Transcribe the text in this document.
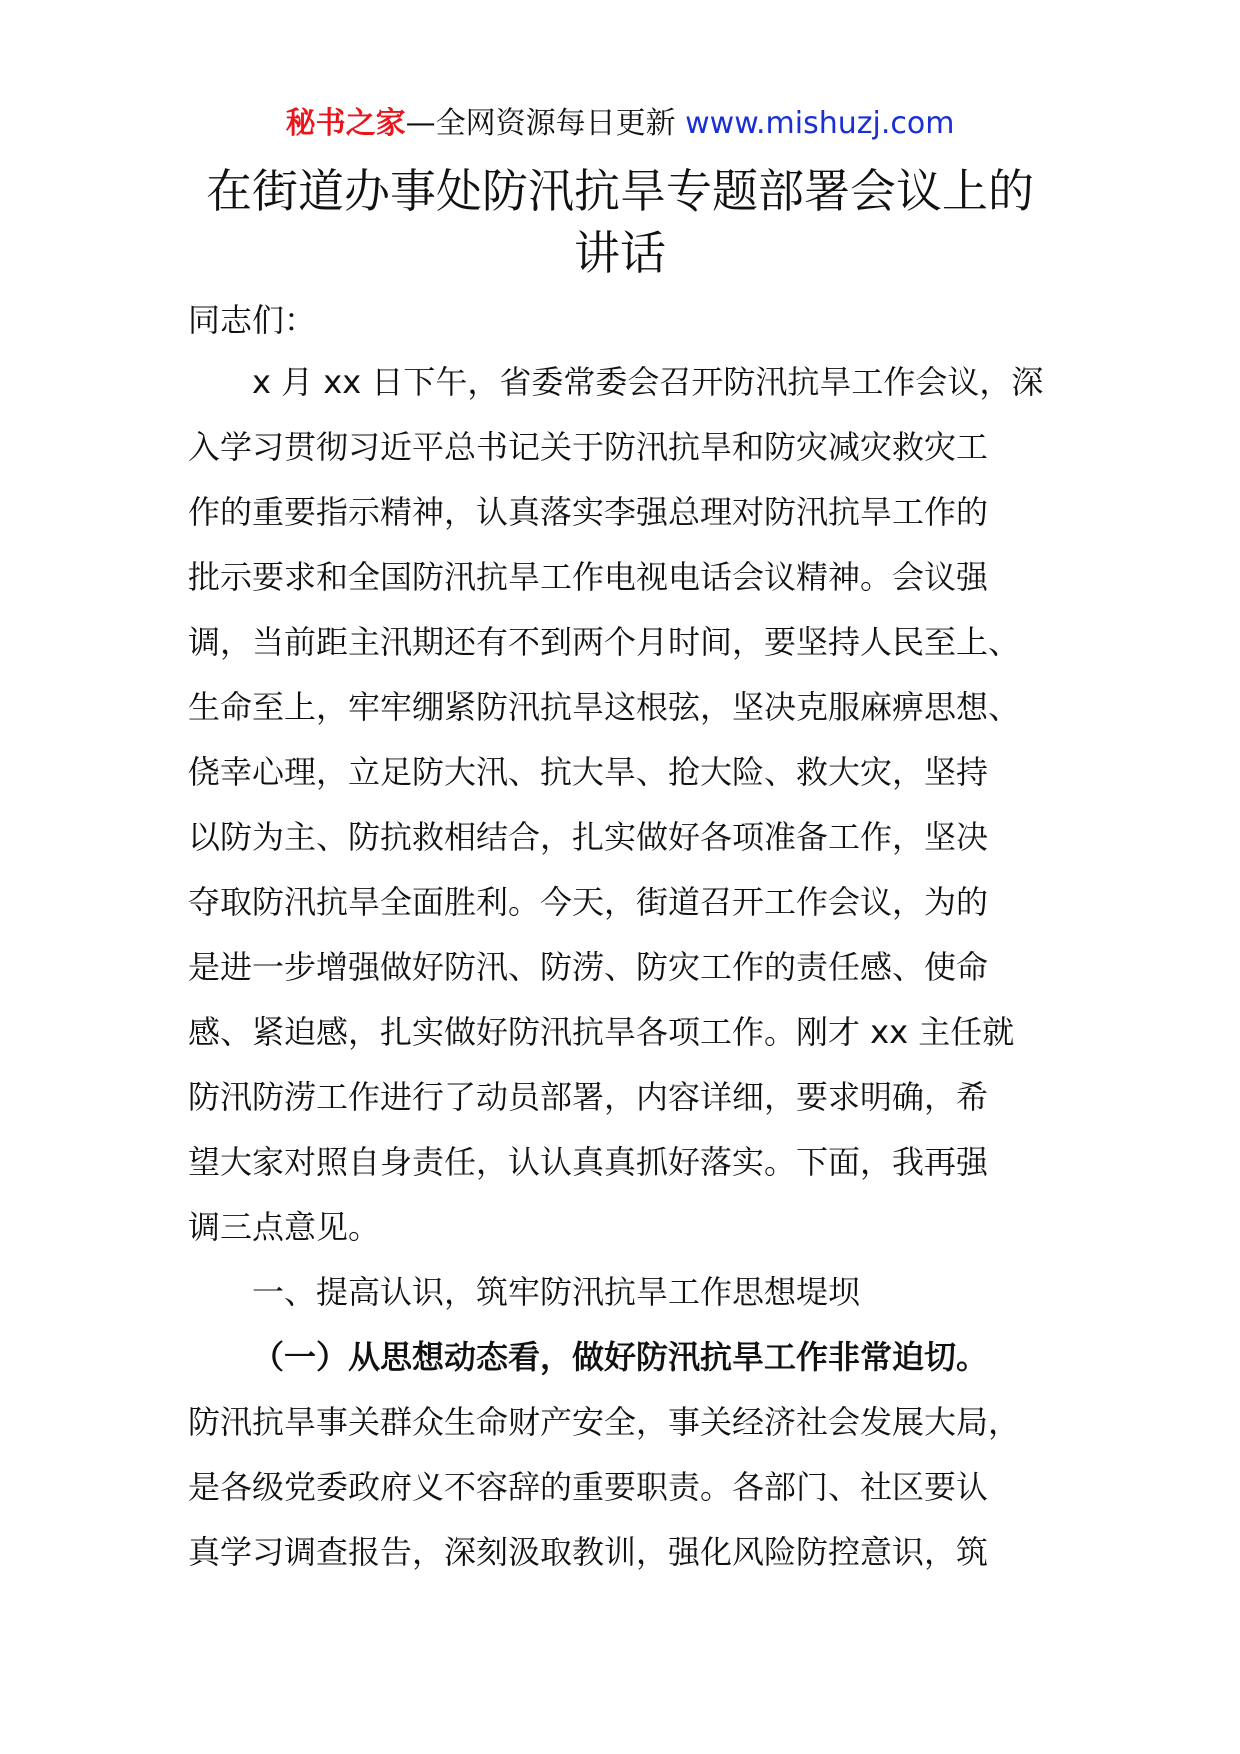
秘书之家—全网资源每日更新 www.mishuzj.com
在街道办事处防汛抗旱专题部署会议上的
讲话
同志们：
x 月 xx 日下午，省委常委会召开防汛抗旱工作会议，深
入学习贯彻习近平总书记关于防汛抗旱和防灾减灾救灾工
作的重要指示精神，认真落实李强总理对防汛抗旱工作的
批示要求和全国防汛抗旱工作电视电话会议精神。会议强
调，当前距主汛期还有不到两个月时间，要坚持人民至上、
生命至上，牢牢绷紧防汛抗旱这根弦，坚决克服麻痹思想、
侥幸心理，立足防大汛、抗大旱、抢大险、救大灾，坚持
以防为主、防抗救相结合，扎实做好各项准备工作，坚决
夺取防汛抗旱全面胜利。今天，街道召开工作会议，为的
是进一步增强做好防汛、防涝、防灾工作的责任感、使命
感、紧迫感，扎实做好防汛抗旱各项工作。刚才 xx 主任就
防汛防涝工作进行了动员部署，内容详细，要求明确，希
望大家对照自身责任，认认真真抓好落实。下面，我再强
调三点意见。
一、提高认识，筑牢防汛抗旱工作思想堤坝
（一）从思想动态看，做好防汛抗旱工作非常迫切。
防汛抗旱事关群众生命财产安全，事关经济社会发展大局，
是各级党委政府义不容辞的重要职责。各部门、社区要认
真学习调查报告，深刻汲取教训，强化风险防控意识，筑
